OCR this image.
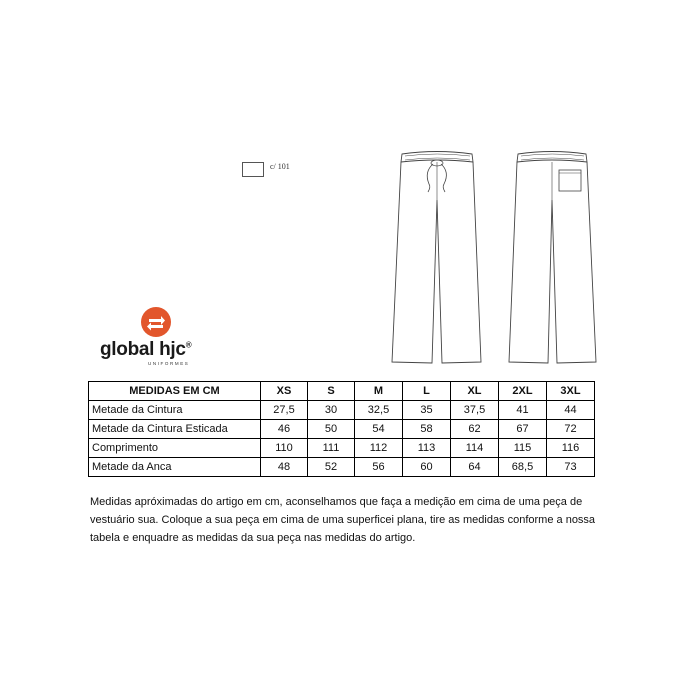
c/ 101
global hjc®
UNIFORMES
MEDIDAS EM CM	XS	S	M	L	XL	2XL	3XL
Metade da Cintura	27,5	30	32,5	35	37,5	41	44
Metade da Cintura Esticada	46	50	54	58	62	67	72
Comprimento	110	111	112	113	114	115	116
Metade da Anca	48	52	56	60	64	68,5	73
Medidas apróximadas do artigo em cm, aconselhamos que faça a medição em cima de uma peça de vestuário sua. Coloque a sua peça em cima de uma superficei plana, tire as medidas conforme a nossa tabela e enquadre as medidas da sua peça nas medidas do artigo.
